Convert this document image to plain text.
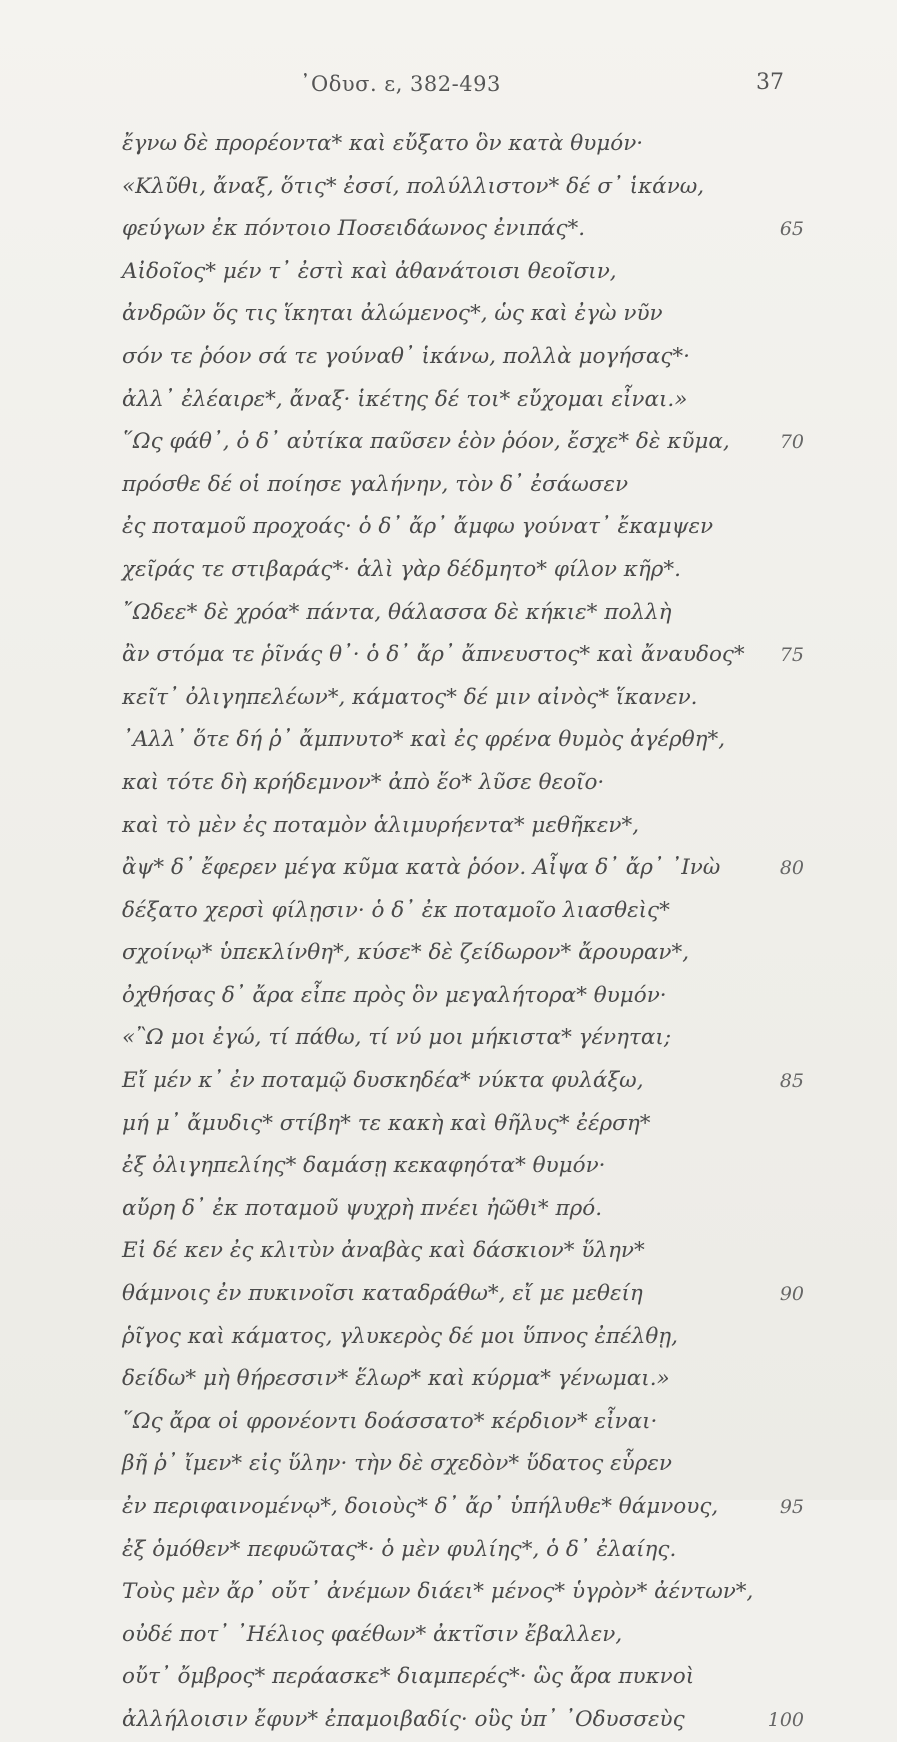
᾿Οδυσ. ε, 382-493	37
ἔγνω δὲ προρέοντα* καὶ εὔξατο ὃν κατὰ θυμόν·
«Κλῦθι, ἄναξ, ὅτις* ἐσσί, πολύλλιστον* δέ σ᾿ ἱκάνω,
φεύγων ἐκ πόντοιο Ποσειδάωνος ἐνιπάς*.	65
Αἰδοῖος* μέν τ᾿ ἐστὶ καὶ ἀθανάτοισι θεοῖσιν,
ἀνδρῶν ὅς τις ἵκηται ἀλώμενος*, ὡς καὶ ἐγὼ νῦν
σόν τε ῥόον σά τε γούναθ᾿ ἱκάνω, πολλὰ μογήσας*·
ἀλλ᾿ ἐλέαιρε*, ἄναξ· ἱκέτης δέ τοι* εὔχομαι εἶναι.»
῞Ως φάθ᾿, ὁ δ᾿ αὐτίκα παῦσεν ἑὸν ῥόον, ἔσχε* δὲ κῦμα,	70
πρόσθε δέ οἱ ποίησε γαλήνην, τὸν δ᾿ ἐσάωσεν
ἐς ποταμοῦ προχοάς· ὁ δ᾿ ἄρ᾿ ἄμφω γούνατ᾿ ἔκαμψεν
χεῖράς τε στιβαράς*· ἁλὶ γὰρ δέδμητο* φίλον κῆρ*.
῎Ωδεε* δὲ χρόα* πάντα, θάλασσα δὲ κήκιε* πολλὴ
ἂν στόμα τε ῥῖνάς θ᾿· ὁ δ᾿ ἄρ᾿ ἄπνευστος* καὶ ἄναυδος*	75
κεῖτ᾿ ὀλιγηπελέων*, κάματος* δέ μιν αἰνὸς* ἵκανεν.
᾿Αλλ᾿ ὅτε δή ῥ᾿ ἄμπνυτο* καὶ ἐς φρένα θυμὸς ἀγέρθη*,
καὶ τότε δὴ κρήδεμνον* ἀπὸ ἕο* λῦσε θεοῖο·
καὶ τὸ μὲν ἐς ποταμὸν ἁλιμυρήεντα* μεθῆκεν*,
ἂψ* δ᾿ ἔφερεν μέγα κῦμα κατὰ ῥόον. Αἶψα δ᾿ ἄρ᾿ ᾿Ινὼ	80
δέξατο χερσὶ φίλῃσιν· ὁ δ᾿ ἐκ ποταμοῖο λιασθεὶς*
σχοίνῳ* ὑπεκλίνθη*, κύσε* δὲ ζείδωρον* ἄρουραν*,
ὀχθήσας δ᾿ ἄρα εἶπε πρὸς ὃν μεγαλήτορα* θυμόν·
«῍Ω μοι ἐγώ, τί πάθω, τί νύ μοι μήκιστα* γένηται;
Εἴ μέν κ᾿ ἐν ποταμῷ δυσκηδέα* νύκτα φυλάξω,	85
μή μ᾿ ἄμυδις* στίβη* τε κακὴ καὶ θῆλυς* ἐέρση*
ἐξ ὀλιγηπελίης* δαμάσῃ κεκαφηότα* θυμόν·
αὔρη δ᾿ ἐκ ποταμοῦ ψυχρὴ πνέει ἠῶθι* πρό.
Εἰ δέ κεν ἐς κλιτὺν ἀναβὰς καὶ δάσκιον* ὕλην*
θάμνοις ἐν πυκινοῖσι καταδράθω*, εἴ με μεθείη	90
ῥῖγος καὶ κάματος, γλυκερὸς δέ μοι ὕπνος ἐπέλθῃ,
δείδω* μὴ θήρεσσιν* ἕλωρ* καὶ κύρμα* γένωμαι.»
῞Ως ἄρα οἱ φρονέοντι δοάσσατο* κέρδιον* εἶναι·
βῆ ῥ᾿ ἴμεν* εἰς ὕλην· τὴν δὲ σχεδὸν* ὕδατος εὗρεν
ἐν περιφαινομένῳ*, δοιοὺς* δ᾿ ἄρ᾿ ὑπήλυθε* θάμνους,	95
ἐξ ὁμόθεν* πεφυῶτας*· ὁ μὲν φυλίης*, ὁ δ᾿ ἐλαίης.
Τοὺς μὲν ἄρ᾿ οὔτ᾿ ἀνέμων διάει* μένος* ὑγρὸν* ἀέντων*,
οὐδέ ποτ᾿ ᾿Ηέλιος φαέθων* ἀκτῖσιν ἔβαλλεν,
οὔτ᾿ ὄμβρος* περάασκε* διαμπερές*· ὣς ἄρα πυκνοὶ
ἀλλήλοισιν ἔφυν* ἐπαμοιβαδίς· οὓς ὑπ᾿ ᾿Οδυσσεὺς	100
